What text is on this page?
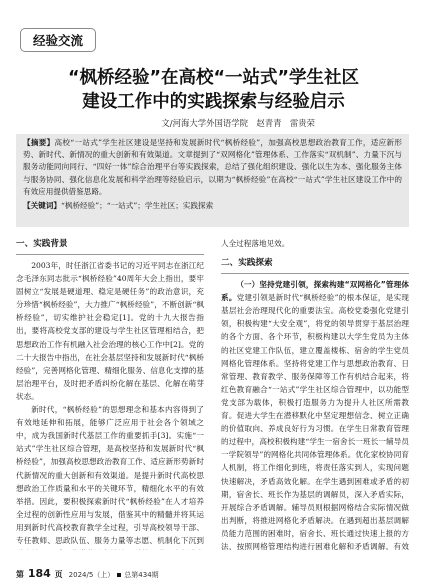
经验交流
“枫桥经验”在高校“一站式”学生社区
建设工作中的实践探索与经验启示
文/河海大学外国语学院　赵青青　雷贵荣

【摘要】高校“一站式”学生社区建设是坚持和发展新时代“枫桥经验”，加强高校思想政治教育工作，适应新形势、新时代、新情况的重大创新和有效渠道。文章提到了“双网格化”管理体系、工作落实“双机制”、力量下沉与服务动能同向同行、“四好一体”综合治理平台等实践探索，总结了强化组织建设、强化以生为本、强化服务主体与服务协同、强化信息化发展和科学治理等经验启示，以期为“枫桥经验”在高校“一站式”学生社区建设工作中的有效应用提供借鉴思路。

【关键词】“枫桥经验”；“一站式”；学生社区；实践探索

一、实践背景

2003年，时任浙江省委书记的习近平同志在浙江纪念毛泽东同志批示“枫桥经验”40周年大会上指出，要牢固树立“发展是硬道理、稳定是硬任务”的政治意识，充分珍惜“枫桥经验”，大力推广“枫桥经验”，不断创新“枫桥经验”，切实维护社会稳定[1]。党的十九大报告指出，要将高校党支部的建设与学生社区管理相结合，把思想政治工作有机融入社会治理的核心工作中[2]。党的二十大报告中指出，在社会基层坚持和发展新时代“枫桥经验”，完善网格化管理、精细化服务、信息化支撑的基层治理平台，及时把矛盾纠纷化解在基层、化解在萌芽状态。

新时代，“枫桥经验”的思想理念和基本内容得到了有效地延伸和拓展，能够广泛应用于社会各个领域之中，成为我国新时代基层工作的重要抓手[3]。实施“一站式”学生社区综合管理，是高校坚持和发展新时代“枫桥经验”，加强高校思想政治教育工作、适应新形势新时代新情况的重大创新和有效渠道。是提升新时代高校思想政治工作质量和水平的关键环节，精细化水平的有效举措。因此，要积极探索新时代“枫桥经验”在人才培养全过程的创新性应用与发展，借鉴其中的精髓并将其运用到新时代高校教育教学全过程，引导高校领导干部、专任教师、思政队伍、服务力量等志愿、机制化下沉到

人全过程落地见效。

二、实践探索

（一）坚持党建引领，探索构建“双网格化”管理体系。党建引领是新时代“枫桥经验”的根本保证，是实现基层社会治理现代化的重要法宝。高校党委强化党建引领，积极构建“大安全观”，将党的领导贯穿于基层治理的各个方面、各个环节，积极构建以大学生党员为主体的社区党建工作队伍，建立覆盖楼栋、宿舍的学生党员网格化管理体系。坚持将党建工作与思想政治教育、日常管理、教育教学、服务保障等工作有机结合起来，将红色教育融合“一站式”学生社区综合管理中，以功能型党支部为载体，积极打造服务力为提升人社区所需教育。促进大学生在潜移默化中坚定理想信念、树立正确的价值取向、养成良好行为习惯。在学生日常教育管理的过程中，高校积极构建“学生一宿舍长一班长一辅导员一学院领导”的网格化共同体管理体系。优化家校协同育人机制，将工作细化到班，将责任落实到人，实现问题快速解决，矛盾高效化解。在学生遇到困难或矛盾的初期，宿舍长、班长作为基层的调解员，深入矛盾实际，开展综合矛盾调解。辅导员则根据网格结合实际情况做出判断，将推进网格化矛盾解决。在遇到超出基层调解员能力范围的困难时，宿舍长、班长通过快速上报的方法，按照网格管理结构进行困难化解和矛盾调解，有效

第 184 页 2024/5（上） 总第434期
